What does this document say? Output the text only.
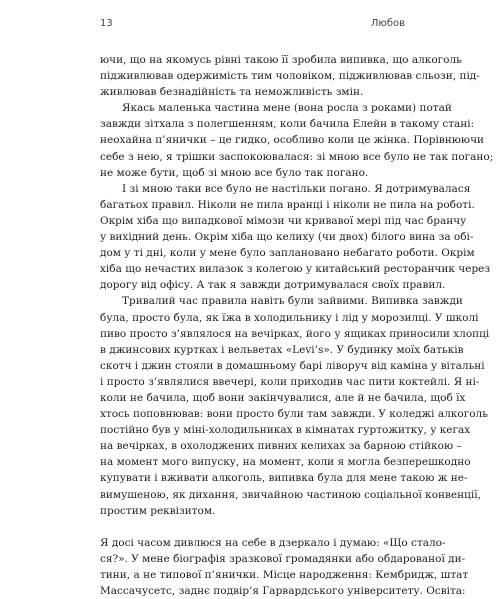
13	Любов
ючи, що на якомусь рівні такою її зробила випивка, що алкоголь
підживлював одержимість тим чоловіком, підживлював сльози, під-
живлював безнадійність та неможливість змін.
Якась маленька частина мене (вона росла з роками) потай
завжди зітхала з полегшенням, коли бачила Елейн в такому стані:
неохайна п’янички – це гидко, особливо коли це жінка. Порівнюючи
себе з нею, я трішки заспокоювалася: зі мною все було не так погано;
не може бути, щоб зі мною все було так погано.
І зі мною таки все було не настільки погано. Я дотримувалася
багатьох правил. Ніколи не пила вранці і ніколи не пила на роботі.
Окрім хіба що випадкової мімози чи кривавої мері під час бранчу
у вихідний день. Окрім хіба що келиху (чи двох) білого вина за обі-
дом у ті дні, коли у мене було заплановано небагато роботи. Окрім
хіба що нечастих вилазок з колегою у китайський ресторанчик через
дорогу від офісу. А так я завжди дотримувалася своїх правил.
Тривалий час правила навіть були зайвими. Випивка завжди
була, просто була, як їжа в холодильнику і лід у морозилці. У школі
пиво просто з’являлося на вечірках, його у ящиках приносили хлопці
в джинсових куртках і вельветах «Levi’s». У будинку моїх батьків
скотч і джин стояли в домашньому барі ліворуч від каміна у вітальні
і просто з’являлися ввечері, коли приходив час пити коктейлі. Я ні-
коли не бачила, щоб вони закінчувалися, але й не бачила, щоб їх
хтось поповнював: вони просто були там завжди. У коледжі алкоголь
постійно був у міні-холодильниках в кімнатах гуртожитку, у кегах
на вечірках, в охолоджених пивних келихах за барною стійкою –
на момент мого випуску, на момент, коли я могла безперешкодно
купувати і вживати алкоголь, випивка була для мене такою ж не-
вимушеною, як дихання, звичайною частиною соціальної конвенції,
простим реквізитом.
Я досі часом дивлюся на себе в дзеркало і думаю: «Що стало-
ся?». У мене біографія зразкової громадянки або обдарованої ди-
тини, а не типової п’янички. Місце народження: Кембридж, штат
Массачусетс, заднє подвір’я Гарвардського університету. Освіта:
